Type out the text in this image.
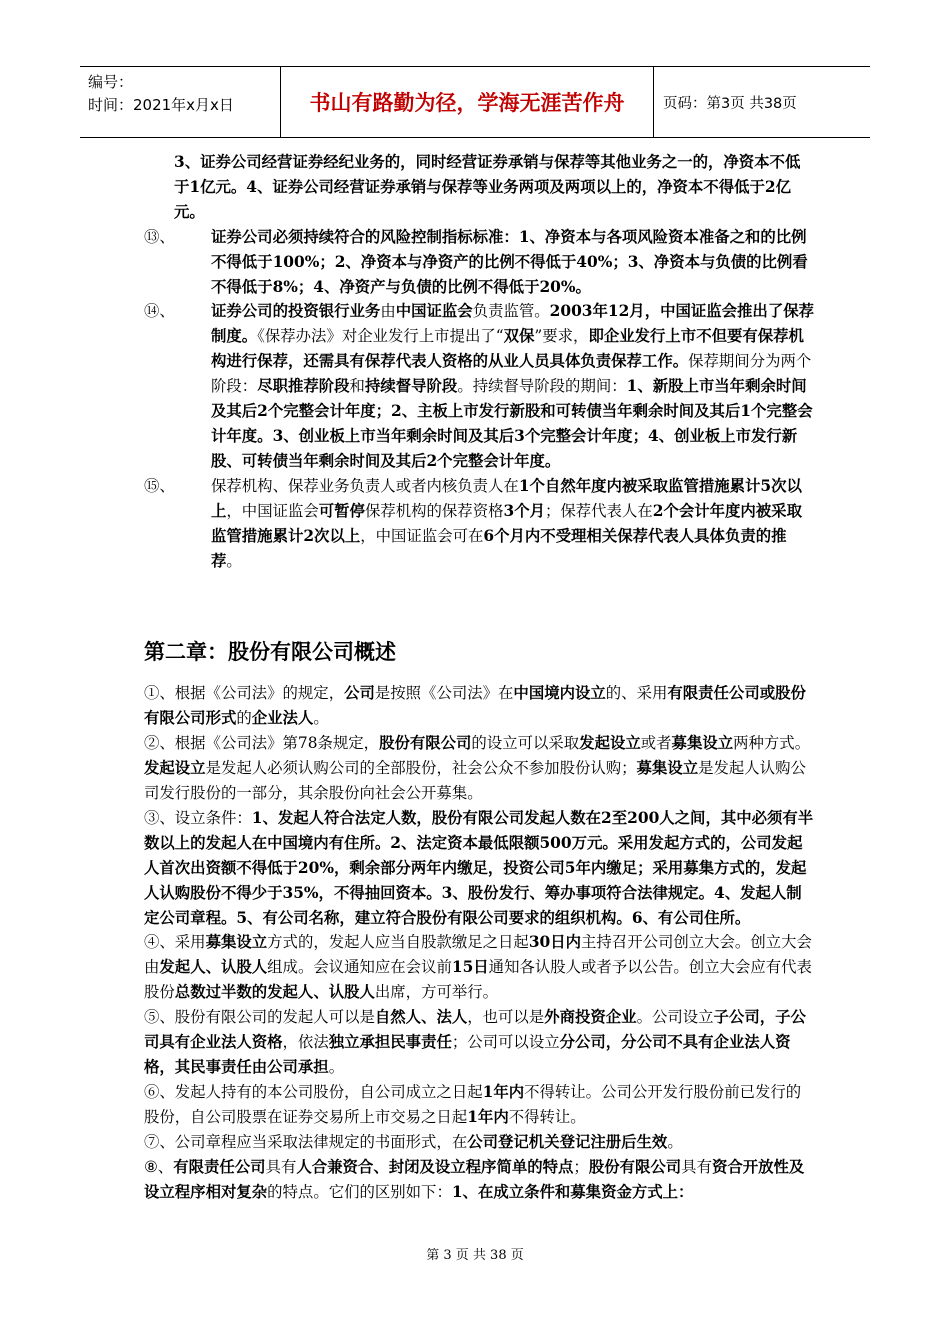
编号：
时间：2021年x月x日	书山有路勤为径，学海无涯苦作舟	页码：第3页 共38页
3、证券公司经营证券经纪业务的，同时经营证券承销与保荐等其他业务之一的，净资本不低于1亿元。4、证券公司经营证券承销与保荐等业务两项及两项以上的，净资本不得低于2亿元。
⑬、	证券公司必须持续符合的风险控制指标标准：1、净资本与各项风险资本准备之和的比例不得低于100%；2、净资本与净资产的比例不得低于40%；3、净资本与负债的比例看不得低于8%；4、净资产与负债的比例不得低于20%。
⑭、	证券公司的投资银行业务由中国证监会负责监管。2003年12月，中国证监会推出了保荐制度。《保荐办法》对企业发行上市提出了“双保”要求，即企业发行上市不但要有保荐机构进行保荐，还需具有保荐代表人资格的从业人员具体负责保荐工作。保荐期间分为两个阶段：尽职推荐阶段和持续督导阶段。持续督导阶段的期间：1、新股上市当年剩余时间及其后2个完整会计年度；2、主板上市发行新股和可转债当年剩余时间及其后1个完整会计年度。3、创业板上市当年剩余时间及其后3个完整会计年度；4、创业板上市发行新股、可转债当年剩余时间及其后2个完整会计年度。
⑮、	保荐机构、保荐业务负责人或者内核负责人在1个自然年度内被采取监管措施累计5次以上，中国证监会可暂停保荐机构的保荐资格3个月；保荐代表人在2个会计年度内被采取监管措施累计2次以上，中国证监会可在6个月内不受理相关保荐代表人具体负责的推荐。
第二章：股份有限公司概述

①、根据《公司法》的规定，公司是按照《公司法》在中国境内设立的、采用有限责任公司或股份有限公司形式的企业法人。

②、根据《公司法》第78条规定，股份有限公司的设立可以采取发起设立或者募集设立两种方式。发起设立是发起人必须认购公司的全部股份，社会公众不参加股份认购；募集设立是发起人认购公司发行股份的一部分，其余股份向社会公开募集。

③、设立条件：1、发起人符合法定人数，股份有限公司发起人数在2至200人之间，其中必须有半数以上的发起人在中国境内有住所。2、法定资本最低限额500万元。采用发起方式的，公司发起人首次出资额不得低于20%，剩余部分两年内缴足，投资公司5年内缴足；采用募集方式的，发起人认购股份不得少于35%，不得抽回资本。3、股份发行、筹办事项符合法律规定。4、发起人制定公司章程。5、有公司名称，建立符合股份有限公司要求的组织机构。6、有公司住所。

④、采用募集设立方式的，发起人应当自股款缴足之日起30日内主持召开公司创立大会。创立大会由发起人、认股人组成。会议通知应在会议前15日通知各认股人或者予以公告。创立大会应有代表股份总数过半数的发起人、认股人出席，方可举行。

⑤、股份有限公司的发起人可以是自然人、法人，也可以是外商投资企业。公司设立子公司，子公司具有企业法人资格，依法独立承担民事责任；公司可以设立分公司，分公司不具有企业法人资格，其民事责任由公司承担。

⑥、发起人持有的本公司股份，自公司成立之日起1年内不得转让。公司公开发行股份前已发行的股份，自公司股票在证券交易所上市交易之日起1年内不得转让。

⑦、公司章程应当采取法律规定的书面形式，在公司登记机关登记注册后生效。

⑧、有限责任公司具有人合兼资合、封闭及设立程序简单的特点；股份有限公司具有资合开放性及设立程序相对复杂的特点。它们的区别如下：1、在成立条件和募集资金方式上：

第 3 页 共 38 页
